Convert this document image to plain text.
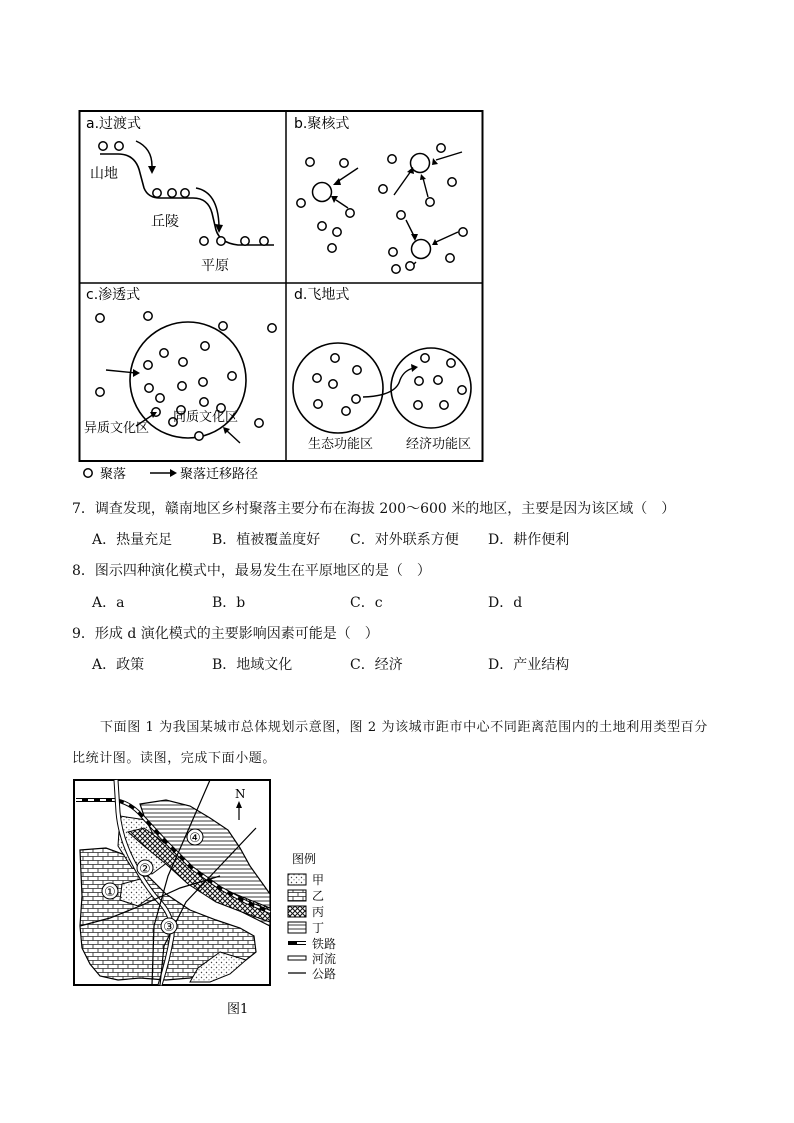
a.过渡式
山地
丘陵
平原
b.聚核式
c.渗透式
异质文化区
同质文化区
d.飞地式
生态功能区	经济功能区
聚落	聚落迁移路径
7．调查发现，赣南地区乡村聚落主要分布在海拔 200～600 米的地区，主要是因为该区域（　）
A．热量充足	B．植被覆盖度好 C．对外联系方便 D．耕作便利
8．图示四种演化模式中，最易发生在平原地区的是（　）
A．a	B．b	C．c	D．d
9．形成 d 演化模式的主要影响因素可能是（　）
A．政策	B．地域文化	C．经济	D．产业结构
下面图 1 为我国某城市总体规划示意图，图 2 为该城市距市中心不同距离范围内的土地利用类型百分
比统计图。读图，完成下面小题。
④
②
①
③
N
图例
甲
乙
丙
丁
铁路
河流
公路
图1
